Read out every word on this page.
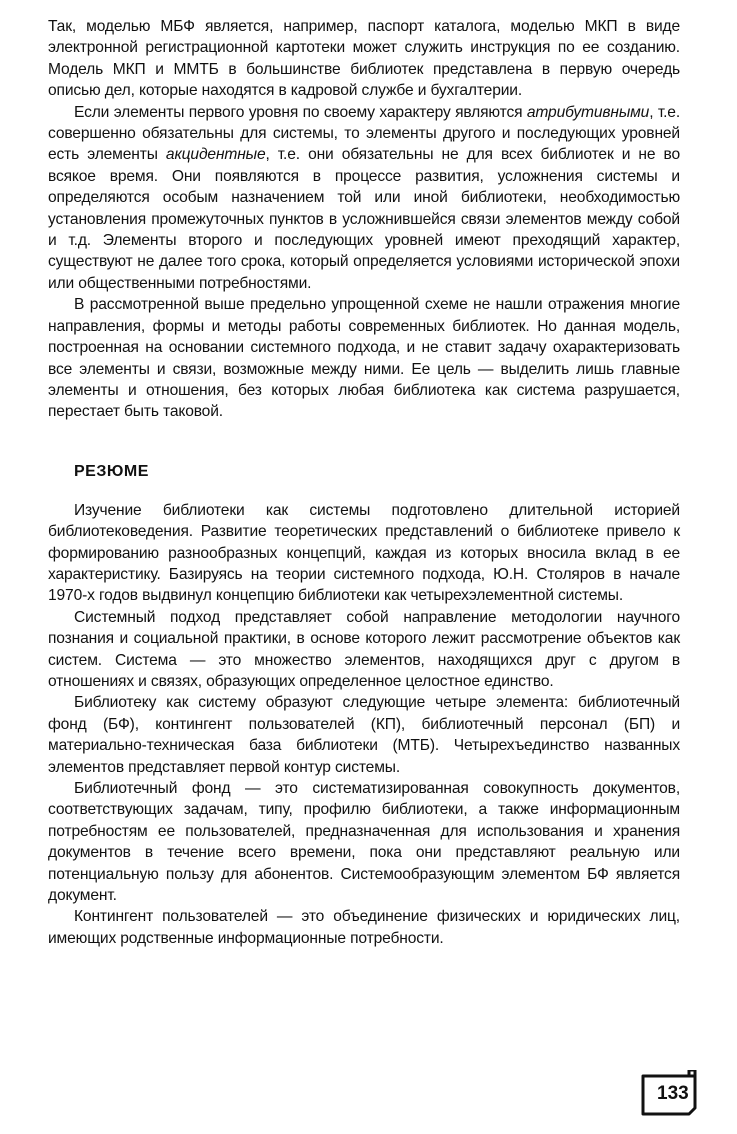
Так, моделью МБФ является, например, паспорт каталога, моделью МКП в виде электронной регистрационной картотеки может служить инструкция по ее созданию. Модель МКП и ММТБ в большинстве библиотек представлена в первую очередь описью дел, которые находятся в кадровой службе и бухгалтерии.

Если элементы первого уровня по своему характеру являются атрибутивными, т.е. совершенно обязательны для системы, то элементы другого и последующих уровней есть элементы акцидентные, т.е. они обязательны не для всех библиотек и не во всякое время. Они появляются в процессе развития, усложнения системы и определяются особым назначением той или иной библиотеки, необходимостью установления промежуточных пунктов в усложнившейся связи элементов между собой и т.д. Элементы второго и последующих уровней имеют преходящий характер, существуют не далее того срока, который определяется условиями исторической эпохи или общественными потребностями.

В рассмотренной выше предельно упрощенной схеме не нашли отражения многие направления, формы и методы работы современных библиотек. Но данная модель, построенная на основании системного подхода, и не ставит задачу охарактеризовать все элементы и связи, возможные между ними. Ее цель — выделить лишь главные элементы и отношения, без которых любая библиотека как система разрушается, перестает быть таковой.

РЕЗЮМЕ

Изучение библиотеки как системы подготовлено длительной историей библиотековедения. Развитие теоретических представлений о библиотеке привело к формированию разнообразных концепций, каждая из которых вносила вклад в ее характеристику. Базируясь на теории системного подхода, Ю.Н. Столяров в начале 1970-х годов выдвинул концепцию библиотеки как четырехэлементной системы.

Системный подход представляет собой направление методологии научного познания и социальной практики, в основе которого лежит рассмотрение объектов как систем. Система — это множество элементов, находящихся друг с другом в отношениях и связях, образующих определенное целостное единство.

Библиотеку как систему образуют следующие четыре элемента: библиотечный фонд (БФ), контингент пользователей (КП), библиотечный персонал (БП) и материально-техническая база библиотеки (МТБ). Четырехъединство названных элементов представляет первой контур системы.

Библиотечный фонд — это систематизированная совокупность документов, соответствующих задачам, типу, профилю библиотеки, а также информационным потребностям ее пользователей, предназначенная для использования и хранения документов в течение всего времени, пока они представляют реальную или потенциальную пользу для абонентов. Системообразующим элементом БФ является документ.

Контингент пользователей — это объединение физических и юридических лиц, имеющих родственные информационные потребности.

133
